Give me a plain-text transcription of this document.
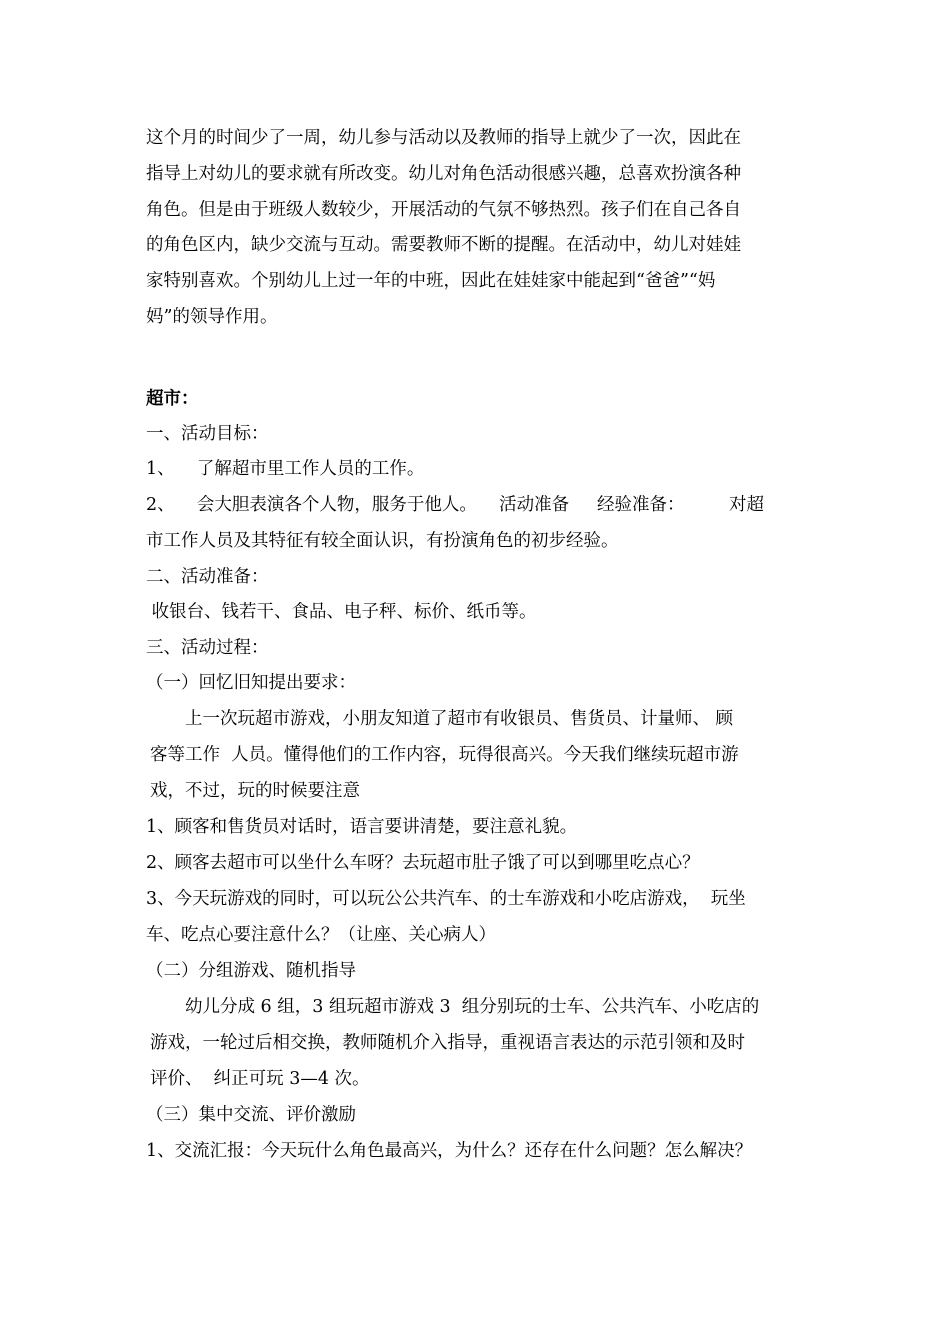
这个月的时间少了一周，幼儿参与活动以及教师的指导上就少了一次，因此在
指导上对幼儿的要求就有所改变。幼儿对角色活动很感兴趣，总喜欢扮演各种
角色。但是由于班级人数较少，开展活动的气氛不够热烈。孩子们在自己各自
的角色区内，缺少交流与互动。需要教师不断的提醒。在活动中，幼儿对娃娃
家特别喜欢。个别幼儿上过一年的中班，因此在娃娃家中能起到“爸爸”“妈
妈”的领导作用。
超市：
一、活动目标：
1、    了解超市里工作人员的工作。
2、    会大胆表演各个人物，服务于他人。    活动准备     经验准备：        对超
市工作人员及其特征有较全面认识，有扮演角色的初步经验。
二、活动准备：
收银台、钱若干、食品、电子秤、标价、纸币等。
三、活动过程：
（一）回忆旧知提出要求：
上一次玩超市游戏，小朋友知道了超市有收银员、售货员、计量师、 顾
客等工作  人员。懂得他们的工作内容，玩得很高兴。今天我们继续玩超市游
戏，不过，玩的时候要注意
1、顾客和售货员对话时，语言要讲清楚，要注意礼貌。
2、顾客去超市可以坐什么车呀？去玩超市肚子饿了可以到哪里吃点心？
3、今天玩游戏的同时，可以玩公公共汽车、的士车游戏和小吃店游戏，  玩坐
车、吃点心要注意什么？（让座、关心病人）
（二）分组游戏、随机指导
幼儿分成 6 组，3 组玩超市游戏 3  组分别玩的士车、公共汽车、小吃店的
游戏，一轮过后相交换，教师随机介入指导，重视语言表达的示范引领和及时
评价、  纠正可玩 3—4 次。
（三）集中交流、评价激励
1、交流汇报：今天玩什么角色最高兴，为什么？还存在什么问题？怎么解决？
